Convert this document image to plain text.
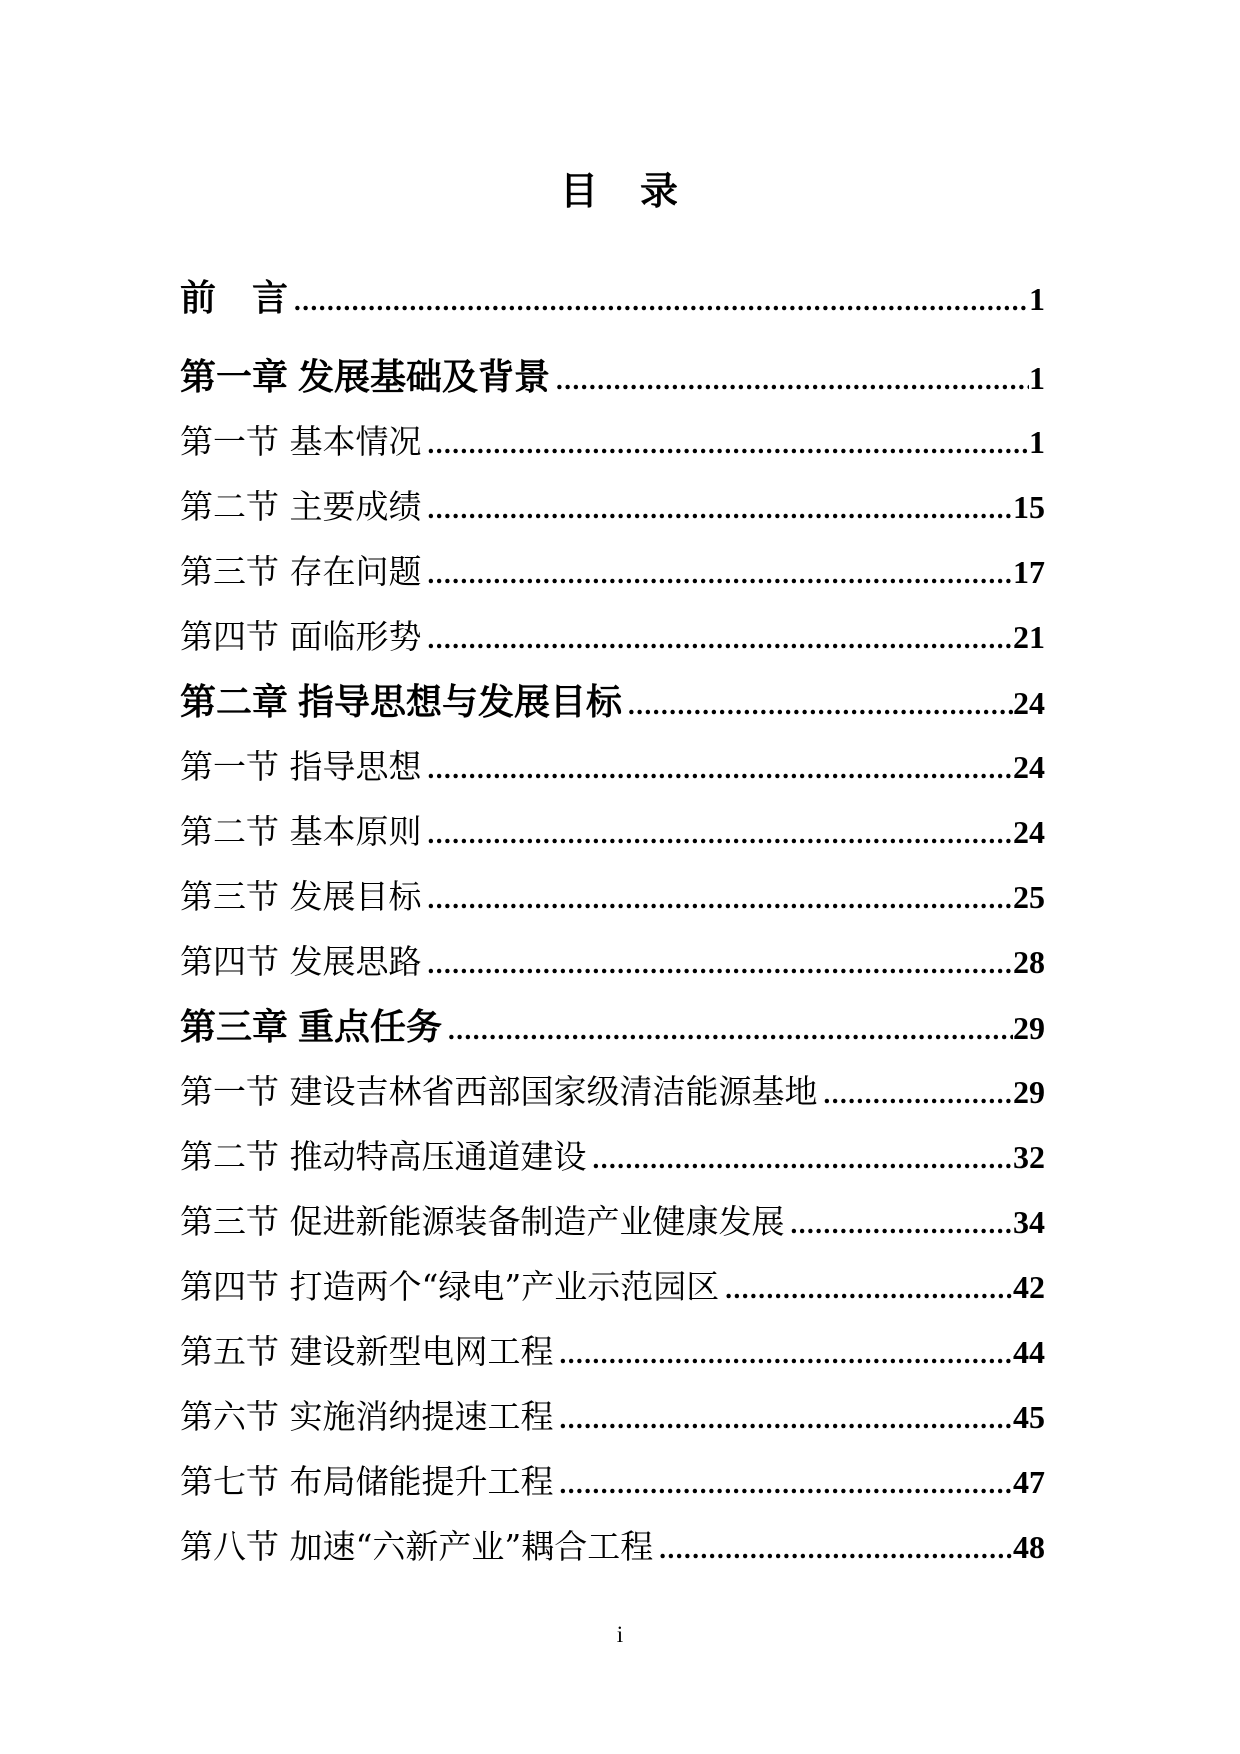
目　录
前　言 .....	1
第一章 发展基础及背景 .....	1
第一节 基本情况 .....	1
第二节 主要成绩 .....	15
第三节 存在问题 .....	17
第四节 面临形势 .....	21
第二章 指导思想与发展目标 .....	24
第一节 指导思想 .....	24
第二节 基本原则 .....	24
第三节 发展目标 .....	25
第四节 发展思路 .....	28
第三章 重点任务 .....	29
第一节 建设吉林省西部国家级清洁能源基地 .....	29
第二节 推动特高压通道建设 .....	32
第三节 促进新能源装备制造产业健康发展 .....	34
第四节 打造两个“绿电”产业示范园区 .....	42
第五节 建设新型电网工程 .....	44
第六节 实施消纳提速工程 .....	45
第七节 布局储能提升工程 .....	47
第八节 加速“六新产业”耦合工程 .....	48
i
